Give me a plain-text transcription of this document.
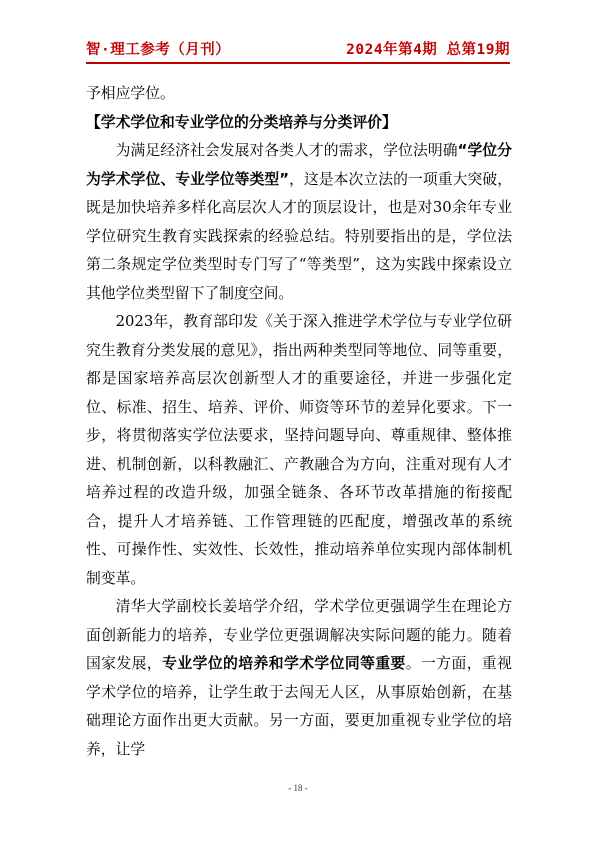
智·理工参考（月刊）	2024年第4期 总第19期

予相应学位。

【学术学位和专业学位的分类培养与分类评价】

为满足经济社会发展对各类人才的需求，学位法明确“学位分为学术学位、专业学位等类型”，这是本次立法的一项重大突破，既是加快培养多样化高层次人才的顶层设计，也是对30余年专业学位研究生教育实践探索的经验总结。特别要指出的是，学位法第二条规定学位类型时专门写了“等类型”，这为实践中探索设立其他学位类型留下了制度空间。

2023年，教育部印发《关于深入推进学术学位与专业学位研究生教育分类发展的意见》，指出两种类型同等地位、同等重要，都是国家培养高层次创新型人才的重要途径，并进一步强化定位、标准、招生、培养、评价、师资等环节的差异化要求。下一步，将贯彻落实学位法要求，坚持问题导向、尊重规律、整体推进、机制创新，以科教融汇、产教融合为方向，注重对现有人才培养过程的改造升级，加强全链条、各环节改革措施的衔接配合，提升人才培养链、工作管理链的匹配度，增强改革的系统性、可操作性、实效性、长效性，推动培养单位实现内部体制机制变革。

清华大学副校长姜培学介绍，学术学位更强调学生在理论方面创新能力的培养，专业学位更强调解决实际问题的能力。随着国家发展，专业学位的培养和学术学位同等重要。一方面，重视学术学位的培养，让学生敢于去闯无人区，从事原始创新，在基础理论方面作出更大贡献。另一方面，要更加重视专业学位的培养，让学

- 18 -
